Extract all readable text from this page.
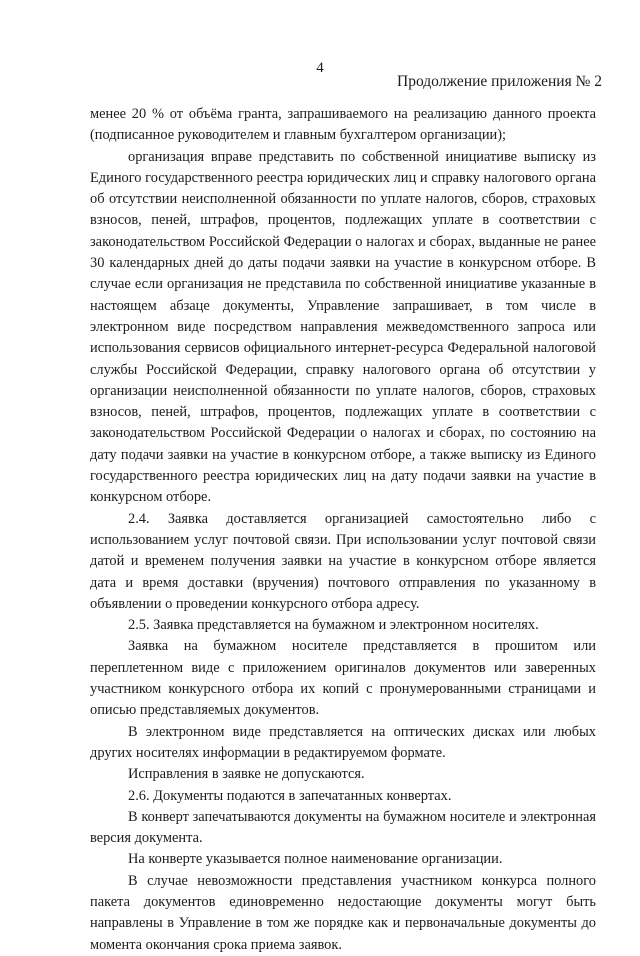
4
Продолжение приложения № 2

менее 20 % от объёма гранта, запрашиваемого на реализацию данного проекта (подписанное руководителем и главным бухгалтером организации);

организация вправе представить по собственной инициативе выписку из Единого государственного реестра юридических лиц и справку налогового органа об отсутствии неисполненной обязанности по уплате налогов, сборов, страховых взносов, пеней, штрафов, процентов, подлежащих уплате в соответствии с законодательством Российской Федерации о налогах и сборах, выданные не ранее 30 календарных дней до даты подачи заявки на участие в конкурсном отборе. В случае если организация не представила по собственной инициативе указанные в настоящем абзаце документы, Управление запрашивает, в том числе в электронном виде посредством направления межведомственного запроса или использования сервисов официального интернет-ресурса Федеральной налоговой службы Российской Федерации, справку налогового органа об отсутствии у организации неисполненной обязанности по уплате налогов, сборов, страховых взносов, пеней, штрафов, процентов, подлежащих уплате в соответствии с законодательством Российской Федерации о налогах и сборах, по состоянию на дату подачи заявки на участие в конкурсном отборе, а также выписку из Единого государственного реестра юридических лиц на дату подачи заявки на участие в конкурсном отборе.

2.4. Заявка доставляется организацией самостоятельно либо с использованием услуг почтовой связи. При использовании услуг почтовой связи датой и временем получения заявки на участие в конкурсном отборе является дата и время доставки (вручения) почтового отправления по указанному в объявлении о проведении конкурсного отбора адресу.

2.5. Заявка представляется на бумажном и электронном носителях.

Заявка на бумажном носителе представляется в прошитом или переплетенном виде с приложением оригиналов документов или заверенных участником конкурсного отбора их копий с пронумерованными страницами и описью представляемых документов.

В электронном виде представляется на оптических дисках или любых других носителях информации в редактируемом формате.

Исправления в заявке не допускаются.

2.6. Документы подаются в запечатанных конвертах.

В конверт запечатываются документы на бумажном носителе и электронная версия документа.

На конверте указывается полное наименование организации.

В случае невозможности представления участником конкурса полного пакета документов единовременно недостающие документы могут быть направлены в Управление в том же порядке как и первоначальные документы до момента окончания срока приема заявок.
